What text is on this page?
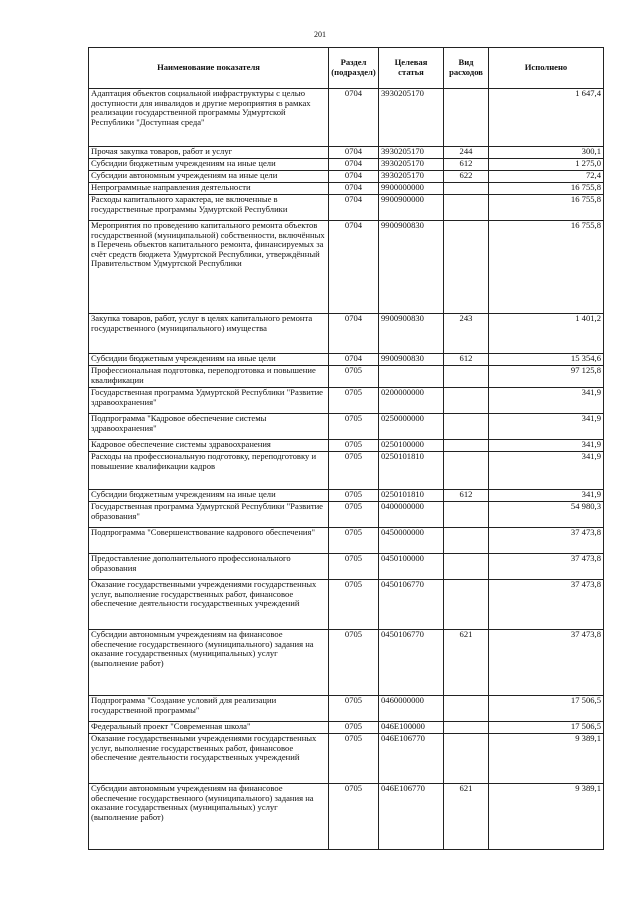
201
Наименование показателя	Раздел (подраздел)	Целевая статья	Вид расходов	Исполнено
Адаптация объектов социальной инфраструктуры с целью доступности для инвалидов и другие мероприятия в рамках реализации государственной программы Удмуртской Республики "Доступная среда"	0704	3930205170		1 647,4
Прочая закупка товаров, работ и услуг	0704	3930205170	244	300,1
Субсидии бюджетным учреждениям на иные цели	0704	3930205170	612	1 275,0
Субсидии автономным учреждениям на иные цели	0704	3930205170	622	72,4
Непрограммные направления деятельности	0704	9900000000		16 755,8
Расходы капитального характера, не включенные в государственные программы Удмуртской Республики	0704	9900900000		16 755,8
Мероприятия по проведению капитального ремонта объектов государственной (муниципальной) собственности, включённых в Перечень объектов капитального ремонта, финансируемых за счёт средств бюджета Удмуртской Республики, утверждённый Правительством Удмуртской Республики	0704	9900900830		16 755,8
Закупка товаров, работ, услуг в целях капитального ремонта государственного (муниципального) имущества	0704	9900900830	243	1 401,2
Субсидии бюджетным учреждениям на иные цели	0704	9900900830	612	15 354,6
Профессиональная подготовка, переподготовка и повышение квалификации	0705			97 125,8
Государственная программа Удмуртской Республики "Развитие здравоохранения"	0705	0200000000		341,9
Подпрограмма "Кадровое обеспечение системы здравоохранения"	0705	0250000000		341,9
Кадровое обеспечение системы здравоохранения	0705	0250100000		341,9
Расходы на профессиональную подготовку, переподготовку и повышение квалификации кадров	0705	0250101810		341,9
Субсидии бюджетным учреждениям на иные цели	0705	0250101810	612	341,9
Государственная программа Удмуртской Республики "Развитие образования"	0705	0400000000		54 980,3
Подпрограмма "Совершенствование кадрового обеспечения"	0705	0450000000		37 473,8
Предоставление дополнительного профессионального образования	0705	0450100000		37 473,8
Оказание государственными учреждениями государственных услуг, выполнение государственных работ, финансовое обеспечение деятельности государственных учреждений	0705	0450106770		37 473,8
Субсидии автономным учреждениям на финансовое обеспечение государственного (муниципального) задания на оказание государственных (муниципальных) услуг (выполнение работ)	0705	0450106770	621	37 473,8
Подпрограмма "Создание условий для реализации государственной программы"	0705	0460000000		17 506,5
Федеральный проект "Современная школа"	0705	046E100000		17 506,5
Оказание государственными учреждениями государственных услуг, выполнение государственных работ, финансовое обеспечение деятельности государственных учреждений	0705	046E106770		9 389,1
Субсидии автономным учреждениям на финансовое обеспечение государственного (муниципального) задания на оказание государственных (муниципальных) услуг (выполнение работ)	0705	046E106770	621	9 389,1
